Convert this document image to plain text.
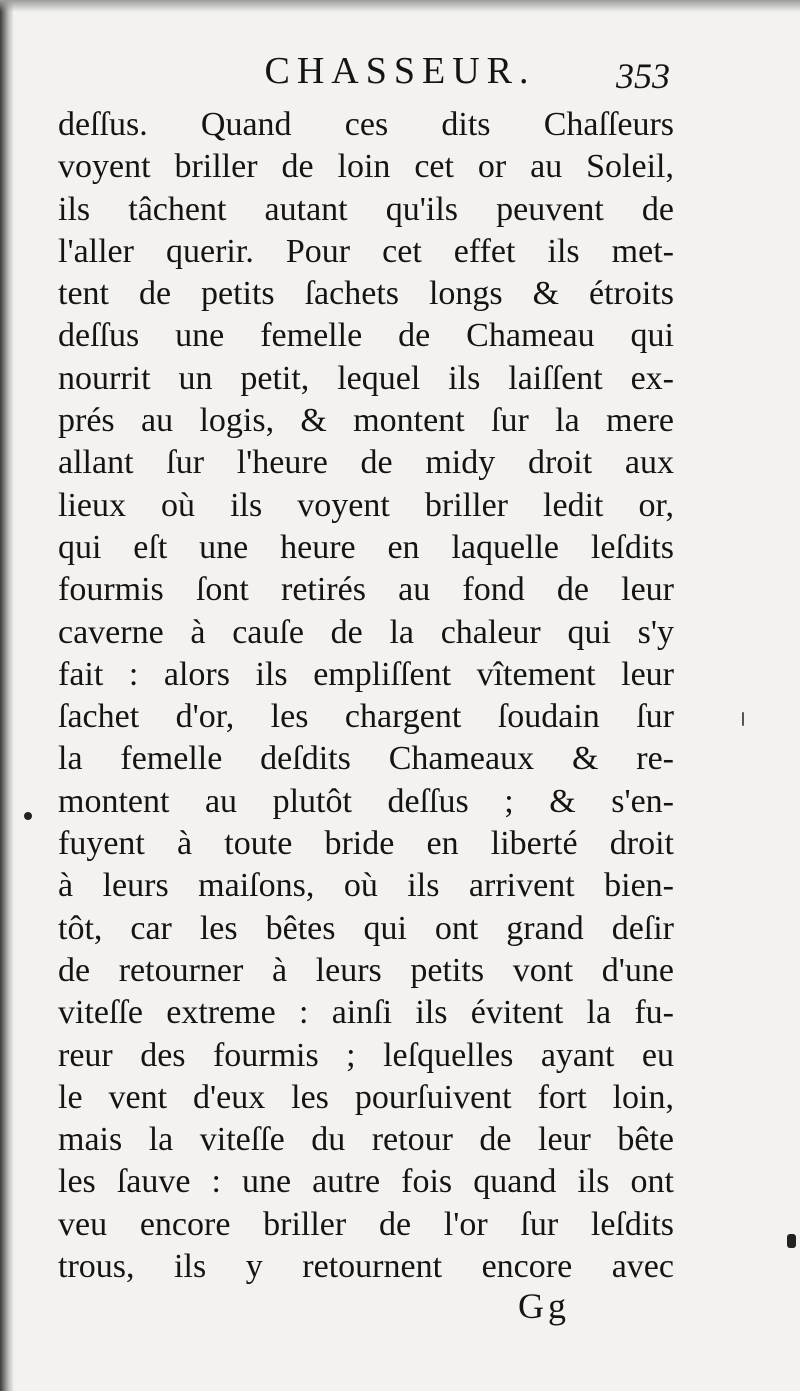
CHASSEUR.	353
deſſus. Quand ces dits Chaſſeurs
voyent briller de loin cet or au Soleil,
ils tâchent autant qu'ils peuvent de
l'aller querir. Pour cet effet ils met-
tent de petits ſachets longs & étroits
deſſus une femelle de Chameau qui
nourrit un petit, lequel ils laiſſent ex-
prés au logis, & montent ſur la mere
allant ſur l'heure de midy droit aux
lieux où ils voyent briller ledit or,
qui eſt une heure en laquelle leſdits
fourmis ſont retirés au fond de leur
caverne à cauſe de la chaleur qui s'y
fait : alors ils empliſſent vîtement leur
ſachet d'or, les chargent ſoudain ſur
la femelle deſdits Chameaux & re-
montent au plutôt deſſus ; & s'en-
fuyent à toute bride en liberté droit
à leurs maiſons, où ils arrivent bien-
tôt, car les bêtes qui ont grand deſir
de retourner à leurs petits vont d'une
viteſſe extreme : ainſi ils évitent la fu-
reur des fourmis ; leſquelles ayant eu
le vent d'eux les pourſuivent fort loin,
mais la viteſſe du retour de leur bête
les ſauve : une autre fois quand ils ont
veu encore briller de l'or ſur leſdits
trous, ils y retournent encore avec
Gg
